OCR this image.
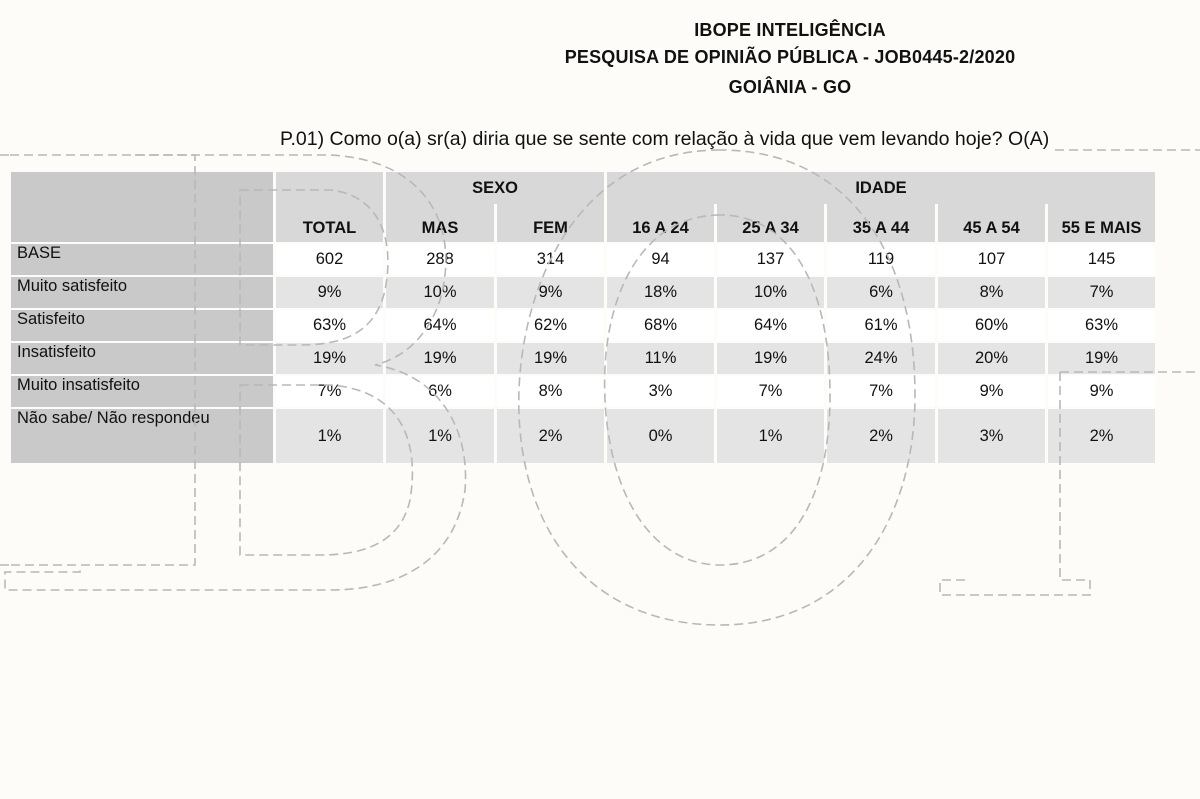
IBOPE INTELIGÊNCIA
PESQUISA DE OPINIÃO PÚBLICA - JOB0445-2/2020
GOIÂNIA - GO
P.01) Como o(a) sr(a) diria que se sente com relação à vida que vem levando hoje? O(A)
		SEXO		IDADE				
	TOTAL	MAS	FEM	16 A 24	25 A 34	35 A 44	45 A 54	55 E MAIS
BASE	602	288	314	94	137	119	107	145
Muito satisfeito	9%	10%	9%	18%	10%	6%	8%	7%
Satisfeito	63%	64%	62%	68%	64%	61%	60%	63%
Insatisfeito	19%	19%	19%	11%	19%	24%	20%	19%
Muito insatisfeito	7%	6%	8%	3%	7%	7%	9%	9%
Não sabe/ Não respondeu	1%	1%	2%	0%	1%	2%	3%	2%
